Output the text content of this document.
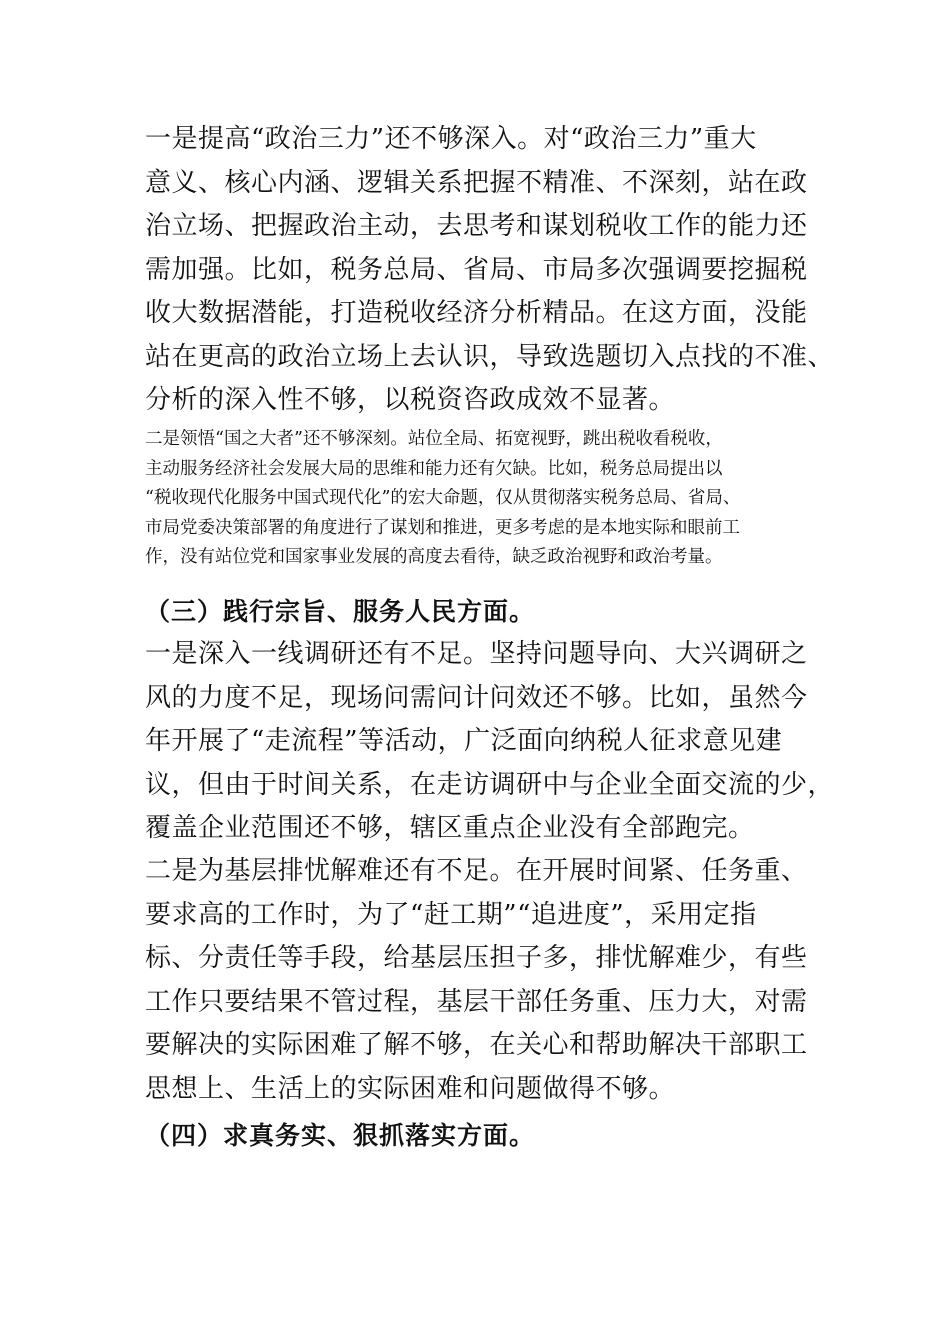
一是提高“政治三力”还不够深入。对“政治三力”重大
意义、核心内涵、逻辑关系把握不精准、不深刻，站在政
治立场、把握政治主动，去思考和谋划税收工作的能力还
需加强。比如，税务总局、省局、市局多次强调要挖掘税
收大数据潜能，打造税收经济分析精品。在这方面，没能
站在更高的政治立场上去认识，导致选题切入点找的不准、
分析的深入性不够，以税资咨政成效不显著。
二是领悟“国之大者”还不够深刻。站位全局、拓宽视野，跳出税收看税收，
主动服务经济社会发展大局的思维和能力还有欠缺。比如，税务总局提出以
“税收现代化服务中国式现代化”的宏大命题，仅从贯彻落实税务总局、省局、
市局党委决策部署的角度进行了谋划和推进，更多考虑的是本地实际和眼前工
作，没有站位党和国家事业发展的高度去看待，缺乏政治视野和政治考量。
（三）践行宗旨、服务人民方面。
一是深入一线调研还有不足。坚持问题导向、大兴调研之
风的力度不足，现场问需问计问效还不够。比如，虽然今
年开展了“走流程”等活动，广泛面向纳税人征求意见建
议，但由于时间关系，在走访调研中与企业全面交流的少，
覆盖企业范围还不够，辖区重点企业没有全部跑完。
二是为基层排忧解难还有不足。在开展时间紧、任务重、
要求高的工作时，为了“赶工期”“追进度”，采用定指
标、分责任等手段，给基层压担子多，排忧解难少，有些
工作只要结果不管过程，基层干部任务重、压力大，对需
要解决的实际困难了解不够，在关心和帮助解决干部职工
思想上、生活上的实际困难和问题做得不够。
（四）求真务实、狠抓落实方面。
